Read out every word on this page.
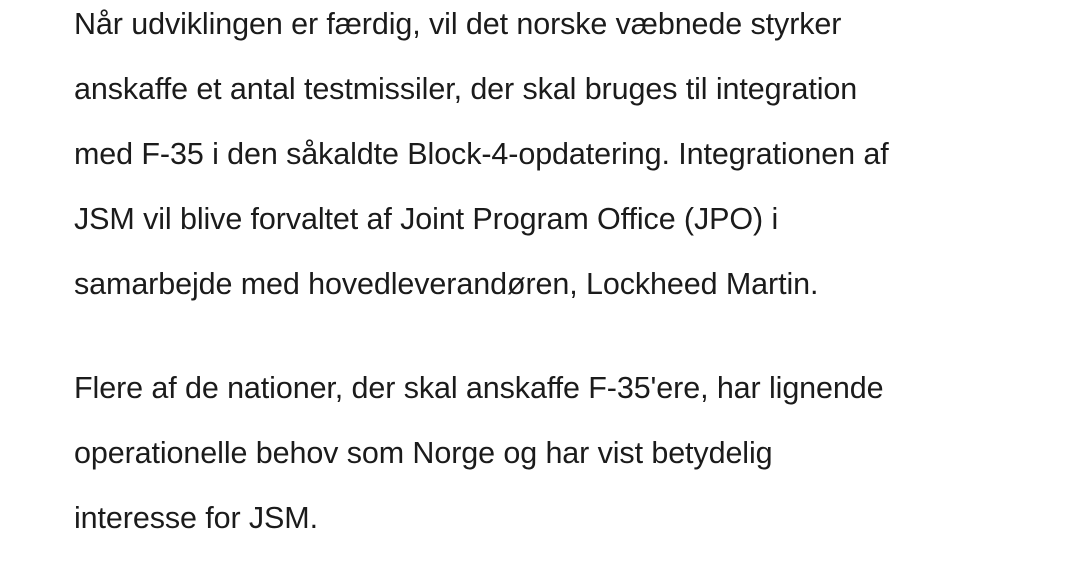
Når udviklingen er færdig, vil det norske væbnede styrker
anskaffe et antal testmissiler, der skal bruges til integration
med F-35 i den såkaldte Block-4-opdatering. Integrationen af
JSM vil blive forvaltet af Joint Program Office (JPO) i
samarbejde med hovedleverandøren, Lockheed Martin.

Flere af de nationer, der skal anskaffe F-35'ere, har lignende
operationelle behov som Norge og har vist betydelig
interesse for JSM.
